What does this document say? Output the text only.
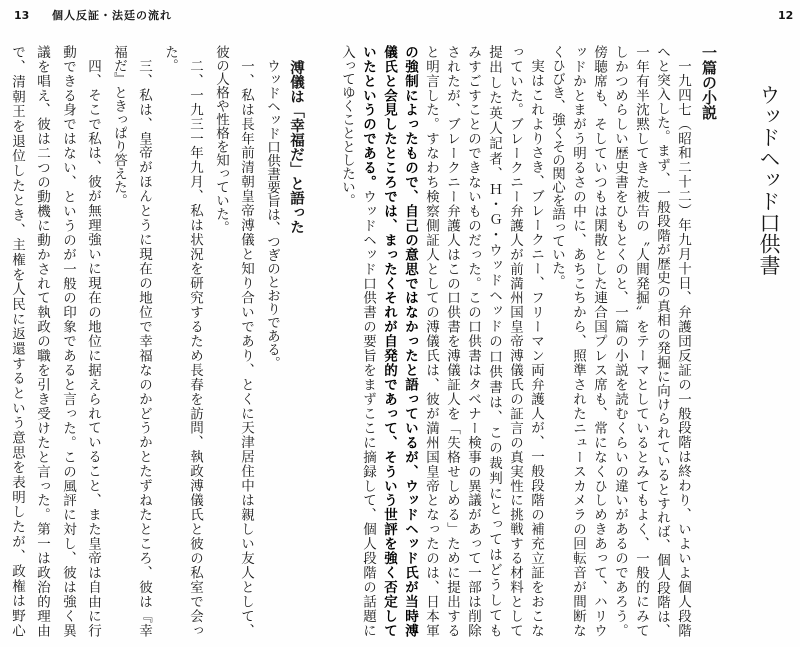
13 個人反証・法廷の流れ	12
ウッドヘッド口供書
一篇の小説
一九四七（昭和二十二）年九月十日、弁護団反証の一般段階は終わり、いよいよ個人段階
へと突入した。まず、一般段階が歴史の真相の発掘に向けられているとすれば、個人段階は、
一年有半沈黙してきた被告の〝人間発掘〟をテーマとしているとみてもよく、一般的にみて
しかつめらしい歴史書をひもとくのと、一篇の小説を読むくらいの違いがあるのであろう。
傍聴席も、そしていつもは閑散とした連合国プレス席も、常になくひしめきあって、ハリウ
ッドかとまがう明るさの中に、あちこちから、照準されたニュースカメラの回転音が間断な
くひびき、強くその関心を語っていた。
実はこれよりさき、ブレークニー、フリーマン両弁護人が、一般段階の補充立証をおこな
っていた。ブレークニー弁護人が前満州国皇帝溥儀氏の証言の真実性に挑戦する材料として
提出した英人記者、Ｈ・Ｇ・ウッドヘッドの口供書は、この裁判にとってはどうしても
みすごすことのできないものだった。この口供書はタベナー検事の異議があって一部は削除
されたが、ブレークニー弁護人はこの口供書を溥儀証人を「失格せしめる」ために提出する
と明言した。すなわち検察側証人としての溥儀氏は、彼が満州国皇帝となったのは、日本軍
の強制によったもので、自己の意思ではなかったと語っているが、ウッドヘッド氏が当時溥
儀氏と会見したところでは、まったくそれが自発的であって、そういう世評を強く否定して
いたというのである。ウッドヘッド口供書の要旨をまずここに摘録して、個人段階の話題に
入ってゆくこととしたい。
溥儀は「幸福だ」と語った
ウッドヘッド口供書要旨は、つぎのとおりである。
一、私は長年前清朝皇帝溥儀と知り合いであり、とくに天津居住中は親しい友人として、
彼の人格や性格を知っていた。
二、一九三一年九月、私は状況を研究するため長春を訪問、執政溥儀氏と彼の私室で会っ
た。
三、私は、皇帝がほんとうに現在の地位で幸福なのかどうかとたずねたところ、彼は『幸
福だ』ときっぱり答えた。
四、そこで私は、彼が無理強いに現在の地位に据えられていること、また皇帝は自由に行
動できる身ではない、というのが一般の印象であると言った。この風評に対し、彼は強く異
議を唱え、彼は二つの動機に動かされて執政の職を引き受けたと言った。第一は政治的理由
で、清朝王を退位したとき、主権を人民に返還するという意思を表明したが、政権は野心
